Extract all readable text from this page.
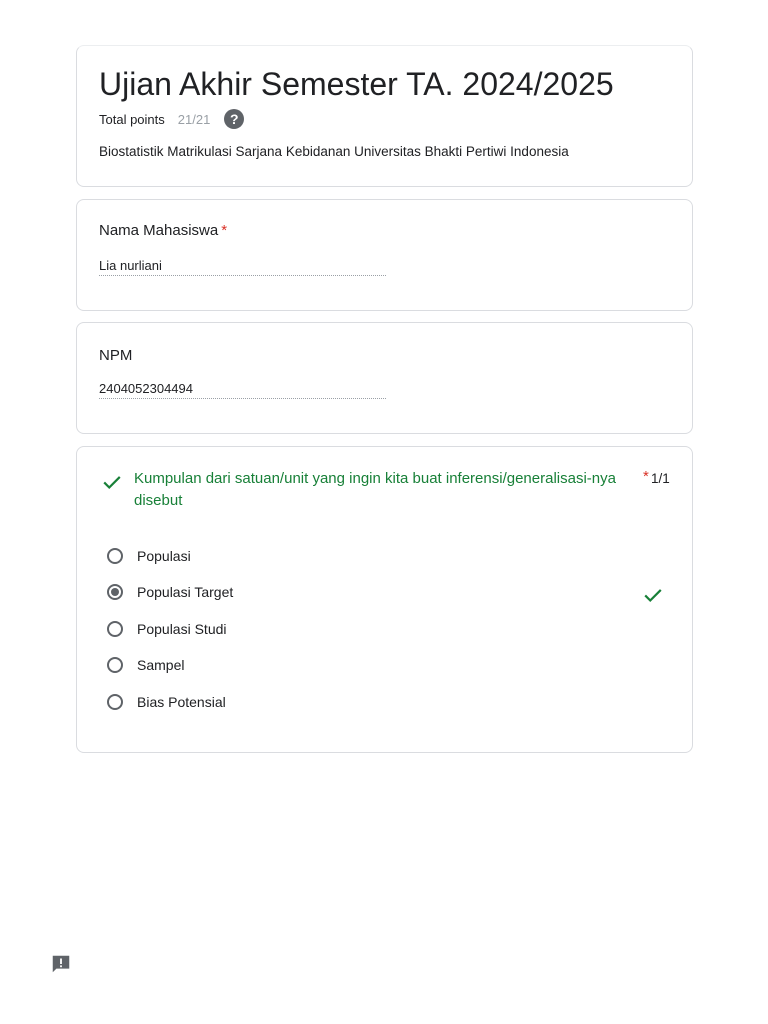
Ujian Akhir Semester TA. 2024/2025
Total points 21/21	?
Biostatistik Matrikulasi Sarjana Kebidanan Universitas Bhakti Pertiwi Indonesia
Nama Mahasiswa *
Lia nurliani
NPM
2404052304494
Kumpulan dari satuan/unit yang ingin kita buat inferensi/generalisasi-nya disebut
* 1/1
Populasi
Populasi Target
Populasi Studi
Sampel
Bias Potensial
